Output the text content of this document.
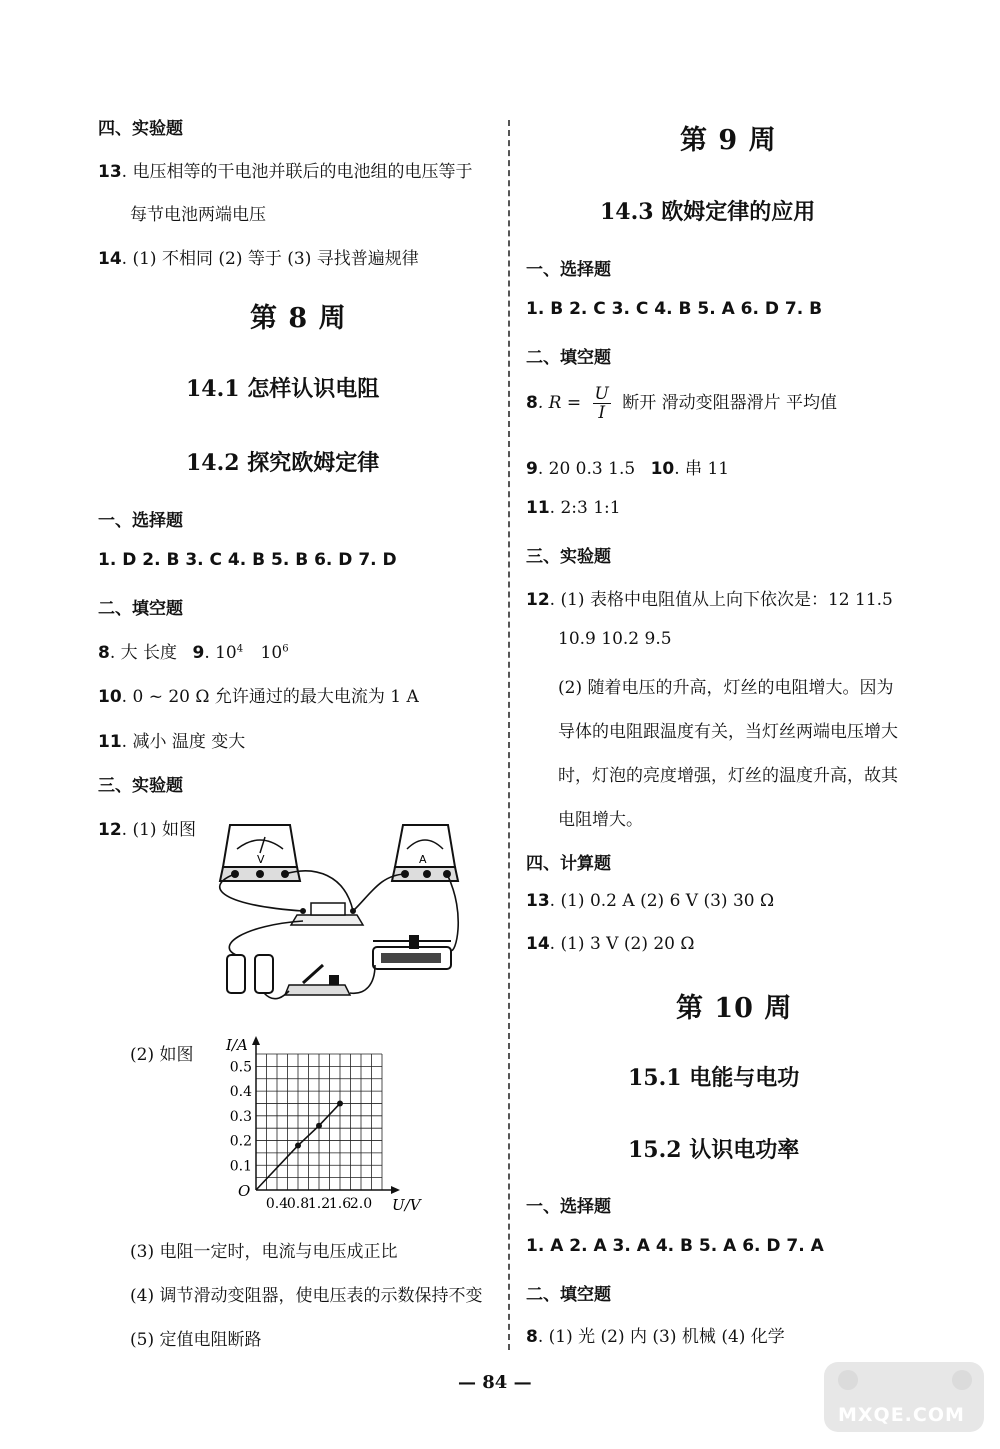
四、实验题
13. 电压相等的干电池并联后的电池组的电压等于
每节电池两端电压
14. (1) 不相同 (2) 等于 (3) 寻找普遍规律
第 8 周
14.1 怎样认识电阻
14.2 探究欧姆定律
一、选择题
1. D 2. B 3. C 4. B 5. B 6. D 7. D
二、填空题
8. 大 长度 9. $10^4$ $10^6$
10. 0 ~ 20 Ω 允许通过的最大电流为 1 A
11. 减小 温度 变大
三、实验题
12. (1) 如图
V	A
(2) 如图
0.1
0.2
0.3
0.4
0.5
0.4
0.8
1.2
1.6
2.0
I/A
U/V
O
(3) 电阻一定时，电流与电压成正比
(4) 调节滑动变阻器，使电压表的示数保持不变
(5) 定值电阻断路
第 9 周
14.3 欧姆定律的应用
一、选择题
1. B 2. C 3. C 4. B 5. A 6. D 7. B
二、填空题
8. $R = \frac{U}{I}$ 断开 滑动变阻器滑片 平均值
9. 20 0.3 1.5 10. 串 11
11. 2:3 1:1
三、实验题
12. (1) 表格中电阻值从上向下依次是：12 11.5
10.9 10.2 9.5
(2) 随着电压的升高，灯丝的电阻增大。因为
导体的电阻跟温度有关，当灯丝两端电压增大
时，灯泡的亮度增强，灯丝的温度升高，故其
电阻增大。
四、计算题
13. (1) 0.2 A (2) 6 V (3) 30 Ω
14. (1) 3 V (2) 20 Ω
第 10 周
15.1 电能与电功
15.2 认识电功率
一、选择题
1. A 2. A 3. A 4. B 5. A 6. D 7. A
二、填空题
8. (1) 光 (2) 内 (3) 机械 (4) 化学
— 84 —
MXQE.COM
